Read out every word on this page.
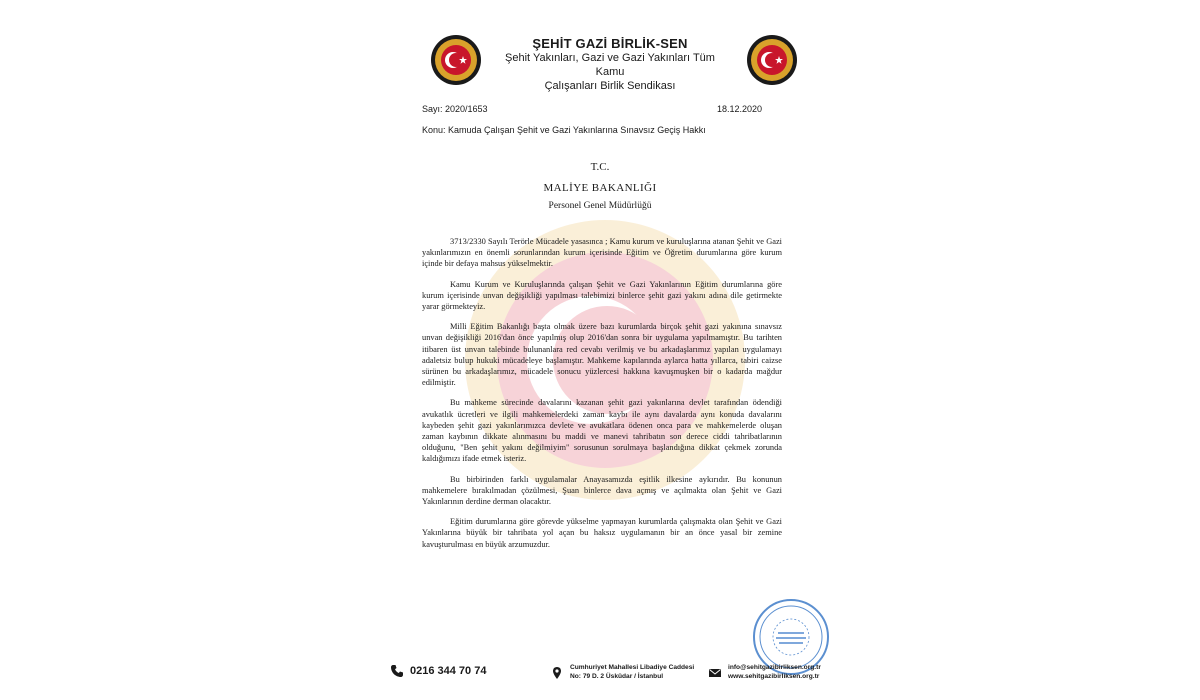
ŞEHİT GAZİ BİRLİK-SEN
Şehit Yakınları, Gazi ve Gazi Yakınları Tüm Kamu
Çalışanları Birlik Sendikası
Sayı: 2020/1653	18.12.2020
Konu: Kamuda Çalışan Şehit ve Gazi Yakınlarına Sınavsız Geçiş Hakkı
T.C.
MALİYE BAKANLIĞI
Personel Genel Müdürlüğü

3713/2330 Sayılı Terörle Mücadele yasasınca ; Kamu kurum ve kuruluşlarına atanan Şehit ve Gazi yakınlarımızın en önemli sorunlarından kurum içerisinde Eğitim ve Öğretim durumlarına göre kurum içinde bir defaya mahsus yükselmektir.

Kamu Kurum ve Kuruluşlarında çalışan Şehit ve Gazi Yakınlarının Eğitim durumlarına göre kurum içerisinde unvan değişikliği yapılması talebimizi binlerce şehit gazi yakını adına dile getirmekte yarar görmekteyiz.

Milli Eğitim Bakanlığı başta olmak üzere bazı kurumlarda birçok şehit gazi yakınına sınavsız unvan değişikliği 2016'dan önce yapılmış olup 2016'dan sonra bir uygulama yapılmamıştır. Bu tarihten itibaren üst unvan talebinde bulunanlara red cevabı verilmiş ve bu arkadaşlarımız yapılan uygulamayı adaletsiz bulup hukuki mücadeleye başlamıştır. Mahkeme kapılarında aylarca hatta yıllarca, tabiri caizse sürünen bu arkadaşlarımız, mücadele sonucu yüzlercesi hakkına kavuşmuşken bir o kadarda mağdur edilmiştir.

Bu mahkeme sürecinde davalarını kazanan şehit gazi yakınlarına devlet tarafından ödendiği avukatlık ücretleri ve ilgili mahkemelerdeki zaman kaybı ile aynı davalarda aynı konuda davalarını kaybeden şehit gazi yakınlarımızca devlete ve avukatlara ödenen onca para ve mahkemelerde oluşan zaman kaybının dikkate alınmasını bu maddi ve manevi tahribatın son derece ciddi tahribatlarının olduğunu, "Ben şehit yakını değilmiyim" sorusunun sorulmaya başlandığına dikkat çekmek zorunda kaldığımızı ifade etmek isteriz.

Bu birbirinden farklı uygulamalar Anayasamızda eşitlik ilkesine aykırıdır. Bu konunun mahkemelere bırakılmadan çözülmesi, Şuan binlerce dava açmış ve açılmakta olan Şehit ve Gazi Yakınlarının derdine derman olacaktır.

Eğitim durumlarına göre görevde yükselme yapmayan kurumlarda çalışmakta olan Şehit ve Gazi Yakınlarına büyük bir tahribata yol açan bu haksız uygulamanın bir an önce yasal bir zemine kavuşturulması en büyük arzumuzdur.

0216 344 70 74	Cumhuriyet Mahallesi Libadiye Caddesi
No: 79 D. 2 Üsküdar / İstanbul
info@sehitgazibirliksen.org.tr
www.sehitgazibirliksen.org.tr
